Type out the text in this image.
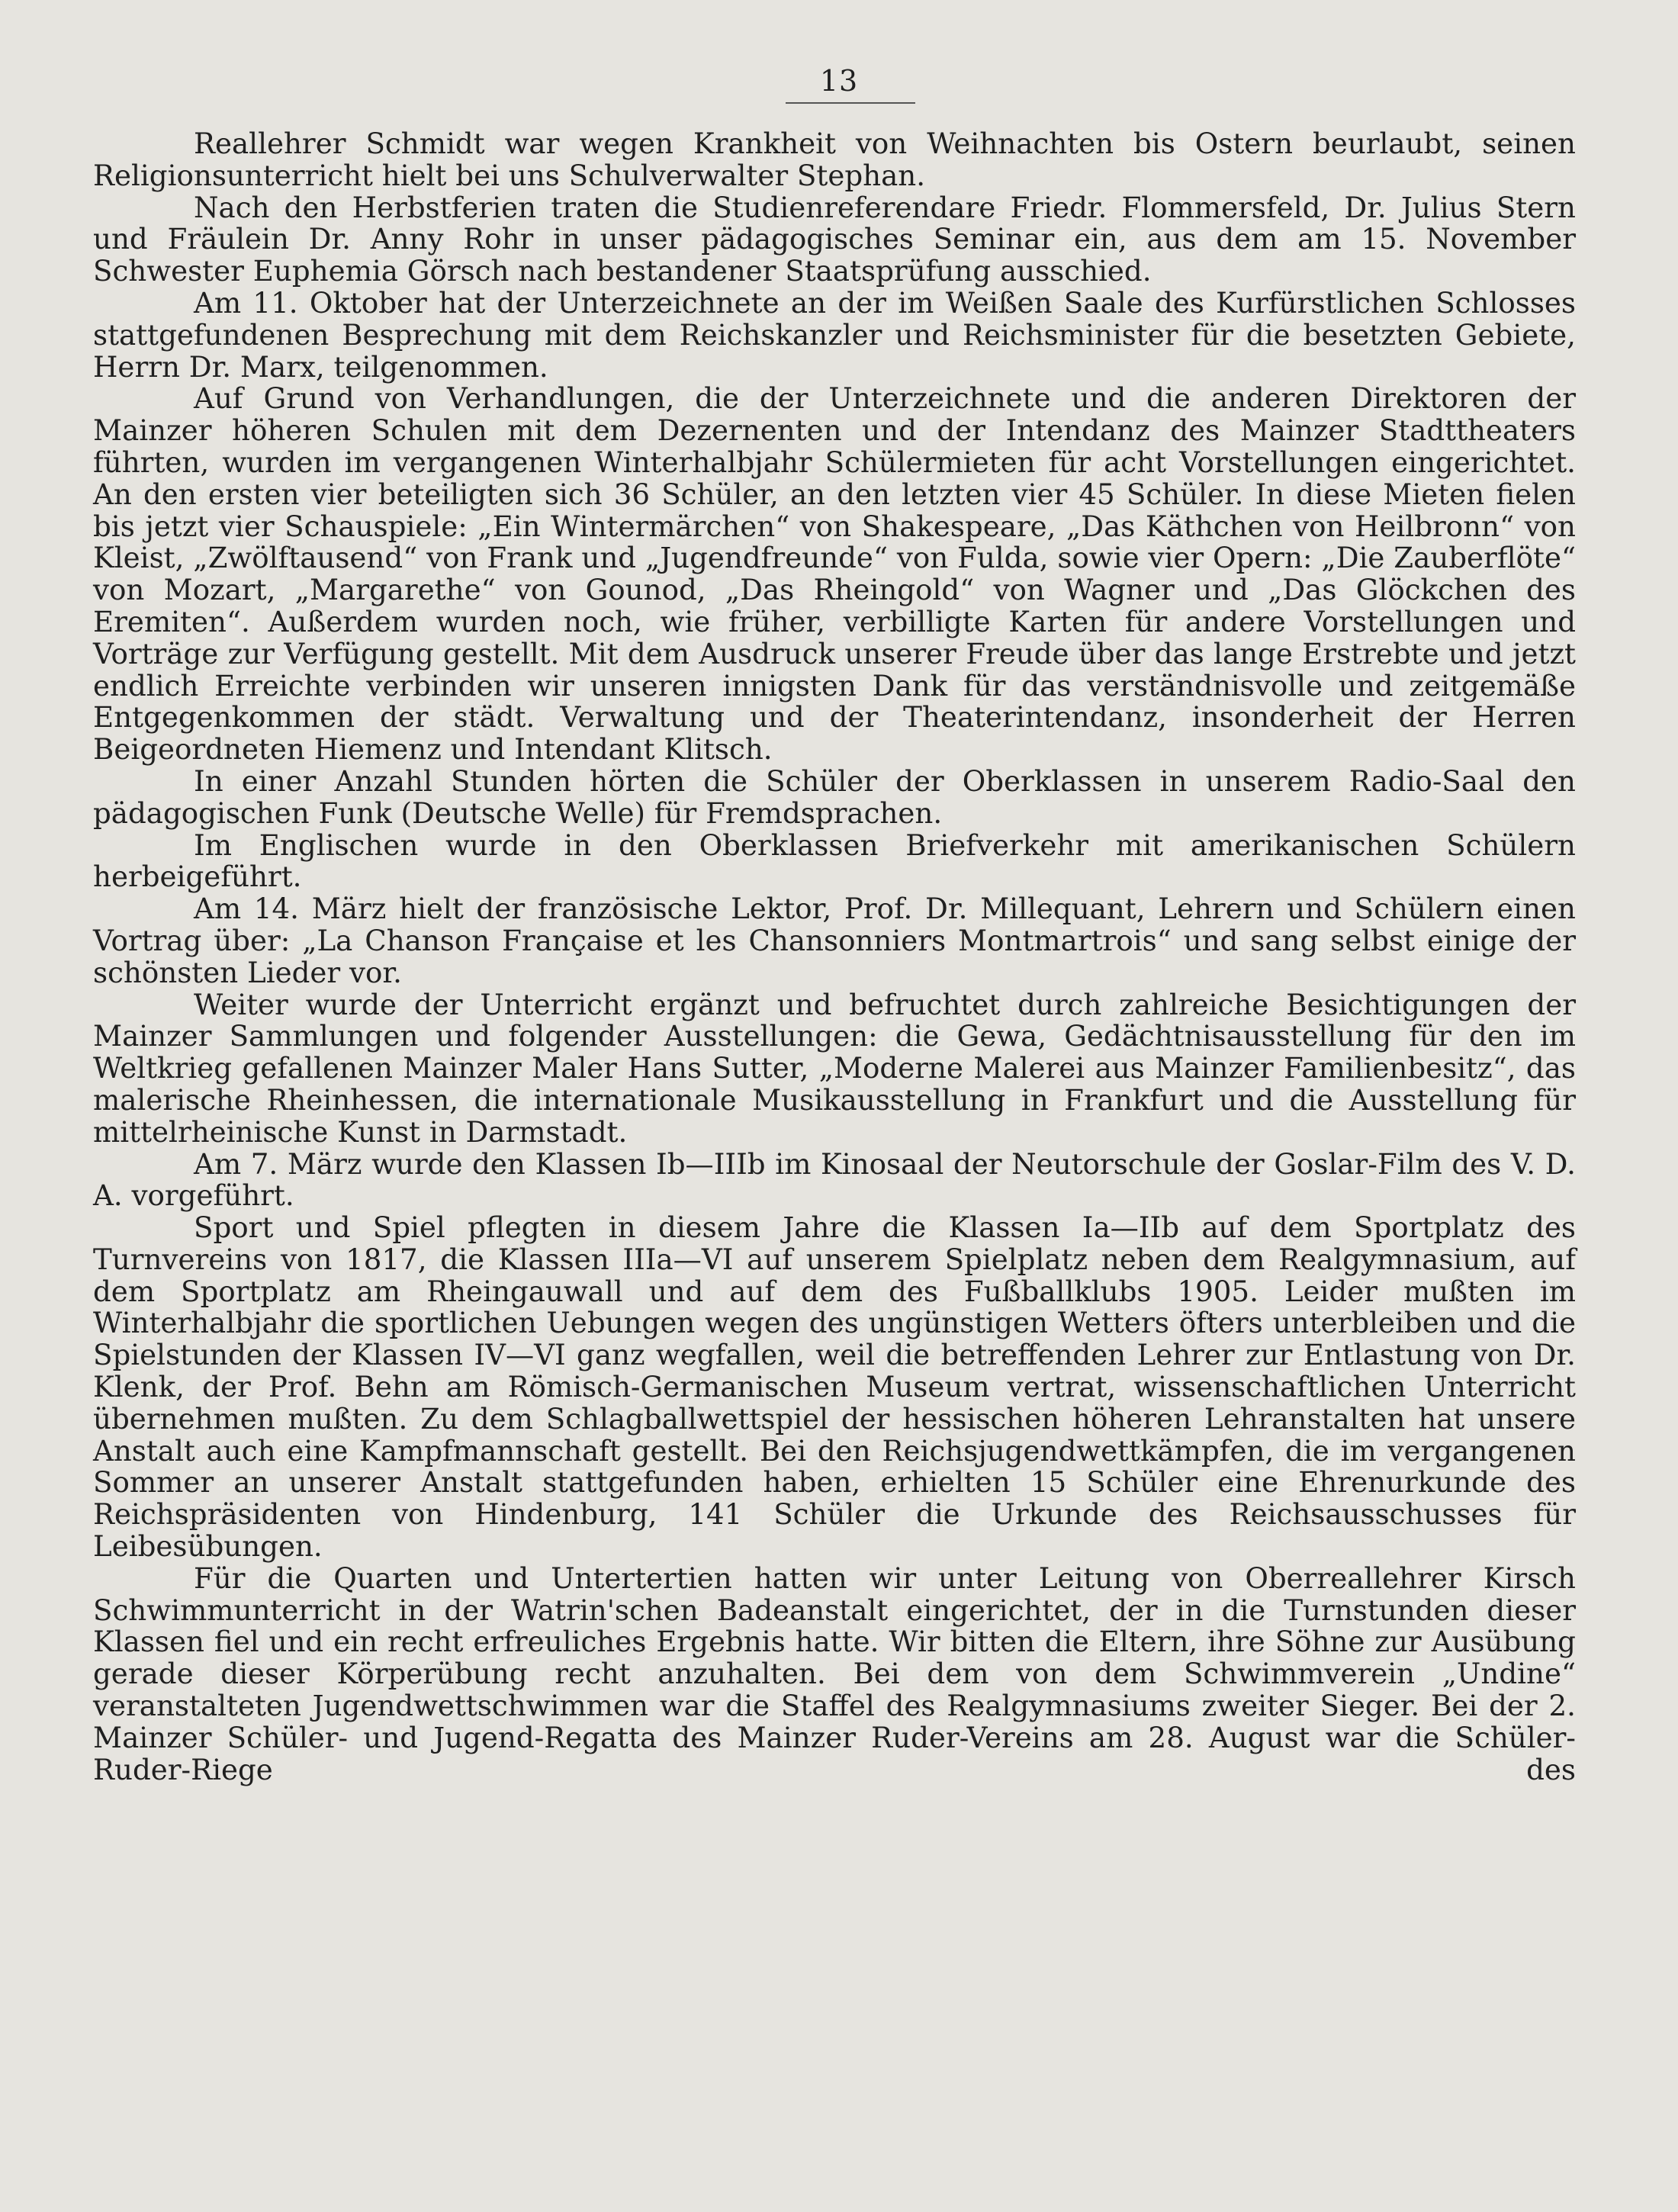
13

Reallehrer Schmidt war wegen Krankheit von Weihnachten bis Ostern beurlaubt, seinen Religionsunterricht hielt bei uns Schulverwalter Stephan.

Nach den Herbstferien traten die Studienreferendare Friedr. Flommersfeld, Dr. Julius Stern und Fräulein Dr. Anny Rohr in unser pädagogisches Seminar ein, aus dem am 15. November Schwester Euphemia Görsch nach bestandener Staatsprüfung ausschied.

Am 11. Oktober hat der Unterzeichnete an der im Weißen Saale des Kurfürstlichen Schlosses stattgefundenen Besprechung mit dem Reichskanzler und Reichsminister für die besetzten Gebiete, Herrn Dr. Marx, teilgenommen.

Auf Grund von Verhandlungen, die der Unterzeichnete und die anderen Direktoren der Mainzer höheren Schulen mit dem Dezernenten und der Intendanz des Mainzer Stadttheaters führten, wurden im vergangenen Winterhalbjahr Schülermieten für acht Vorstellungen eingerichtet. An den ersten vier beteiligten sich 36 Schüler, an den letzten vier 45 Schüler. In diese Mieten fielen bis jetzt vier Schauspiele: „Ein Wintermärchen“ von Shakespeare, „Das Käthchen von Heilbronn“ von Kleist, „Zwölftausend“ von Frank und „Jugendfreunde“ von Fulda, sowie vier Opern: „Die Zauberflöte“ von Mozart, „Margarethe“ von Gounod, „Das Rheingold“ von Wagner und „Das Glöckchen des Eremiten“. Außerdem wurden noch, wie früher, verbilligte Karten für andere Vorstellungen und Vorträge zur Verfügung gestellt. Mit dem Ausdruck unserer Freude über das lange Erstrebte und jetzt endlich Erreichte verbinden wir unseren innigsten Dank für das verständnisvolle und zeitgemäße Entgegenkommen der städt. Verwaltung und der Theaterintendanz, insonderheit der Herren Beigeordneten Hiemenz und Intendant Klitsch.

In einer Anzahl Stunden hörten die Schüler der Oberklassen in unserem Radio-Saal den pädagogischen Funk (Deutsche Welle) für Fremdsprachen.

Im Englischen wurde in den Oberklassen Briefverkehr mit amerikanischen Schülern herbeigeführt.

Am 14. März hielt der französische Lektor, Prof. Dr. Millequant, Lehrern und Schülern einen Vortrag über: „La Chanson Française et les Chansonniers Montmartrois“ und sang selbst einige der schönsten Lieder vor.

Weiter wurde der Unterricht ergänzt und befruchtet durch zahlreiche Besichtigungen der Mainzer Sammlungen und folgender Ausstellungen: die Gewa, Gedächtnisausstellung für den im Weltkrieg gefallenen Mainzer Maler Hans Sutter, „Moderne Malerei aus Mainzer Familienbesitz“, das malerische Rheinhessen, die internationale Musikausstellung in Frankfurt und die Ausstellung für mittelrheinische Kunst in Darmstadt.

Am 7. März wurde den Klassen Ib—IIIb im Kinosaal der Neutorschule der Goslar-Film des V. D. A. vorgeführt.

Sport und Spiel pflegten in diesem Jahre die Klassen Ia—IIb auf dem Sportplatz des Turnvereins von 1817, die Klassen IIIa—VI auf unserem Spielplatz neben dem Realgymnasium, auf dem Sportplatz am Rheingauwall und auf dem des Fußballklubs 1905. Leider mußten im Winterhalbjahr die sportlichen Uebungen wegen des ungünstigen Wetters öfters unterbleiben und die Spielstunden der Klassen IV—VI ganz wegfallen, weil die betreffenden Lehrer zur Entlastung von Dr. Klenk, der Prof. Behn am Römisch-Germanischen Museum vertrat, wissenschaftlichen Unterricht übernehmen mußten. Zu dem Schlagballwettspiel der hessischen höheren Lehranstalten hat unsere Anstalt auch eine Kampfmannschaft gestellt. Bei den Reichsjugendwettkämpfen, die im vergangenen Sommer an unserer Anstalt stattgefunden haben, erhielten 15 Schüler eine Ehrenurkunde des Reichspräsidenten von Hindenburg, 141 Schüler die Urkunde des Reichsausschusses für Leibesübungen.

Für die Quarten und Untertertien hatten wir unter Leitung von Oberreallehrer Kirsch Schwimmunterricht in der Watrin'schen Badeanstalt eingerichtet, der in die Turnstunden dieser Klassen fiel und ein recht erfreuliches Ergebnis hatte. Wir bitten die Eltern, ihre Söhne zur Ausübung gerade dieser Körperübung recht anzuhalten. Bei dem von dem Schwimmverein „Undine“ veranstalteten Jugendwettschwimmen war die Staffel des Realgymnasiums zweiter Sieger. Bei der 2. Mainzer Schüler- und Jugend-Regatta des Mainzer Ruder-Vereins am 28. August war die Schüler-Ruder-Riege des
